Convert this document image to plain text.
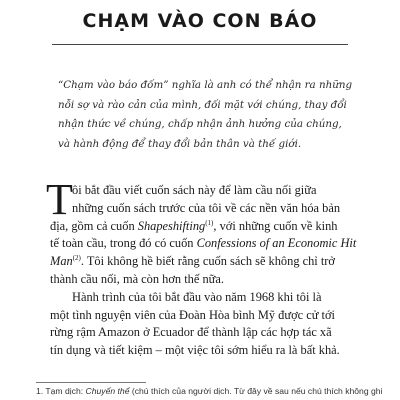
CHẠM VÀO CON BÁO
“Chạm vào báo đốm” nghĩa là anh có thể nhận ra những
nỗi sợ và rào cản của mình, đối mặt với chúng, thay đổi
nhận thức về chúng, chấp nhận ảnh hưởng của chúng,
và hành động để thay đổi bản thân và thế giới.
T ôi bắt đầu viết cuốn sách này để làm cầu nối giữa
những cuốn sách trước của tôi về các nền văn hóa bản
địa, gồm cả cuốn Shapeshifting$^{(1)}$, với những cuốn về kinh
tế toàn cầu, trong đó có cuốn Confessions of an Economic Hit
Man$^{(2)}$. Tôi không hề biết rằng cuốn sách sẽ không chỉ trở
thành cầu nối, mà còn hơn thế nữa.
Hành trình của tôi bắt đầu vào năm 1968 khi tôi là
một tình nguyện viên của Đoàn Hòa bình Mỹ được cử tới
rừng rậm Amazon ở Ecuador để thành lập các hợp tác xã
tín dụng và tiết kiệm – một việc tôi sớm hiểu ra là bất khả.
1. Tạm dịch: Chuyển thể (chú thích của người dịch. Từ đây về sau nếu chú thích không ghi
